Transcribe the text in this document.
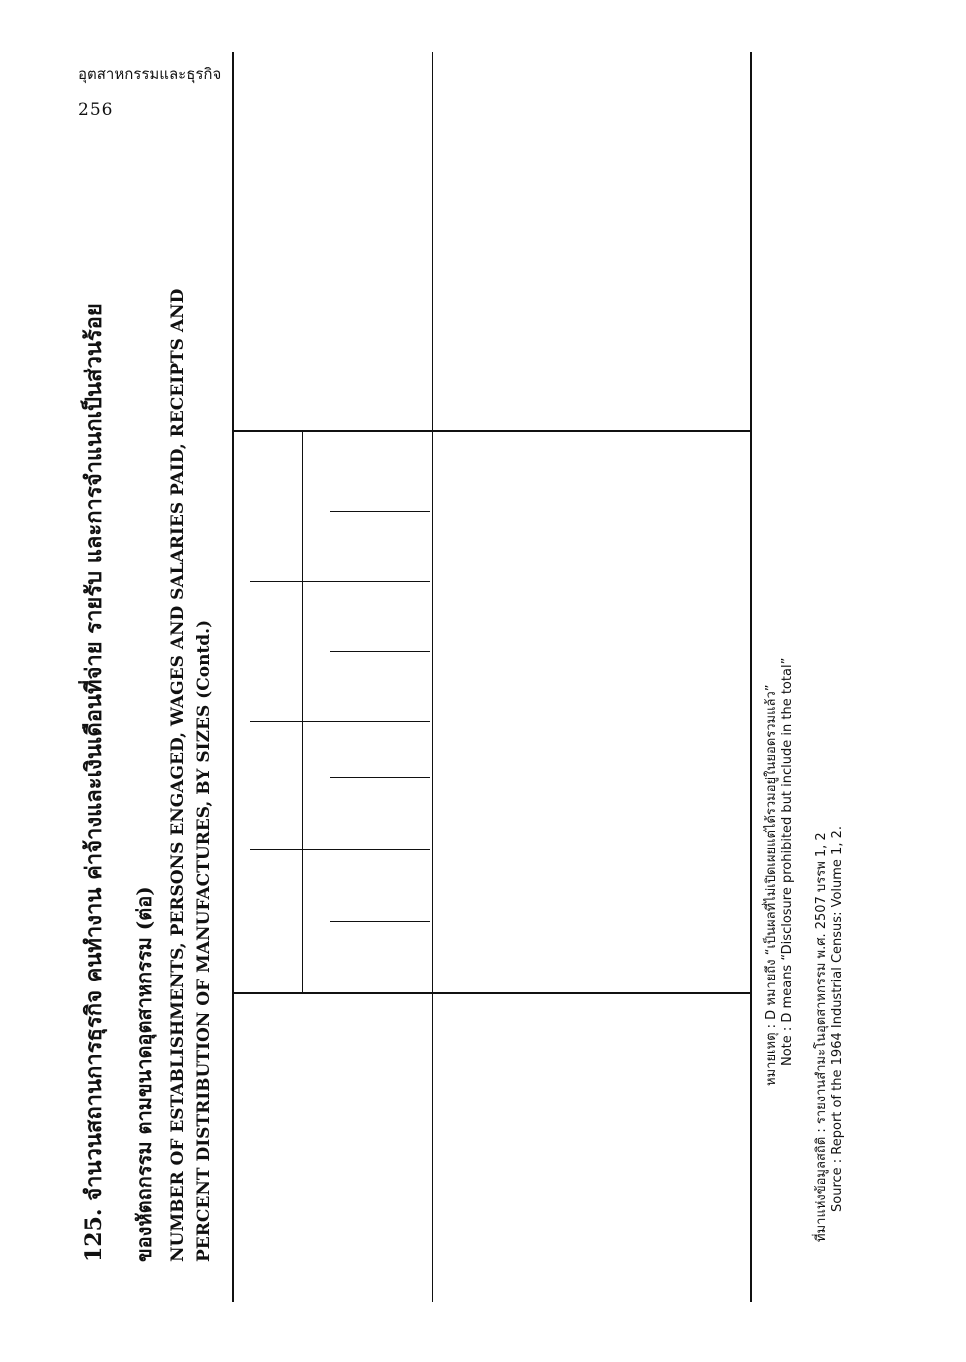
อุตสาหกรรมและธุรกิจ
256
125. จำนวนสถานการธุรกิจ คนทำงาน ค่าจ้างและเงินเดือนที่จ่าย รายรับ และการจำแนกเป็นส่วนร้อย ของหัตถกรรม ตามขนาดอุตสาหกรรม (ต่อ) NUMBER OF ESTABLISHMENTS, PERSONS ENGAGED, WAGES AND SALARIES PAID, RECEIPTS AND PERCENT DISTRIBUTION OF MANUFACTURES, BY SIZES (Contd.)	หมายเหตุ : D หมายถึง “เป็นผลที่ไม่เปิดเผยแต่ได้รวมอยู่ในยอดรวมแล้ว” Note : D means “Disclosure prohibited but include in the total”	ที่มาแห่งข้อมูลสถิติ : รายงานสำมะโนอุตสาหกรรม พ.ศ. 2507 บรรพ 1, 2 Source : Report of the 1964 Industrial Census: Volume 1, 2.
